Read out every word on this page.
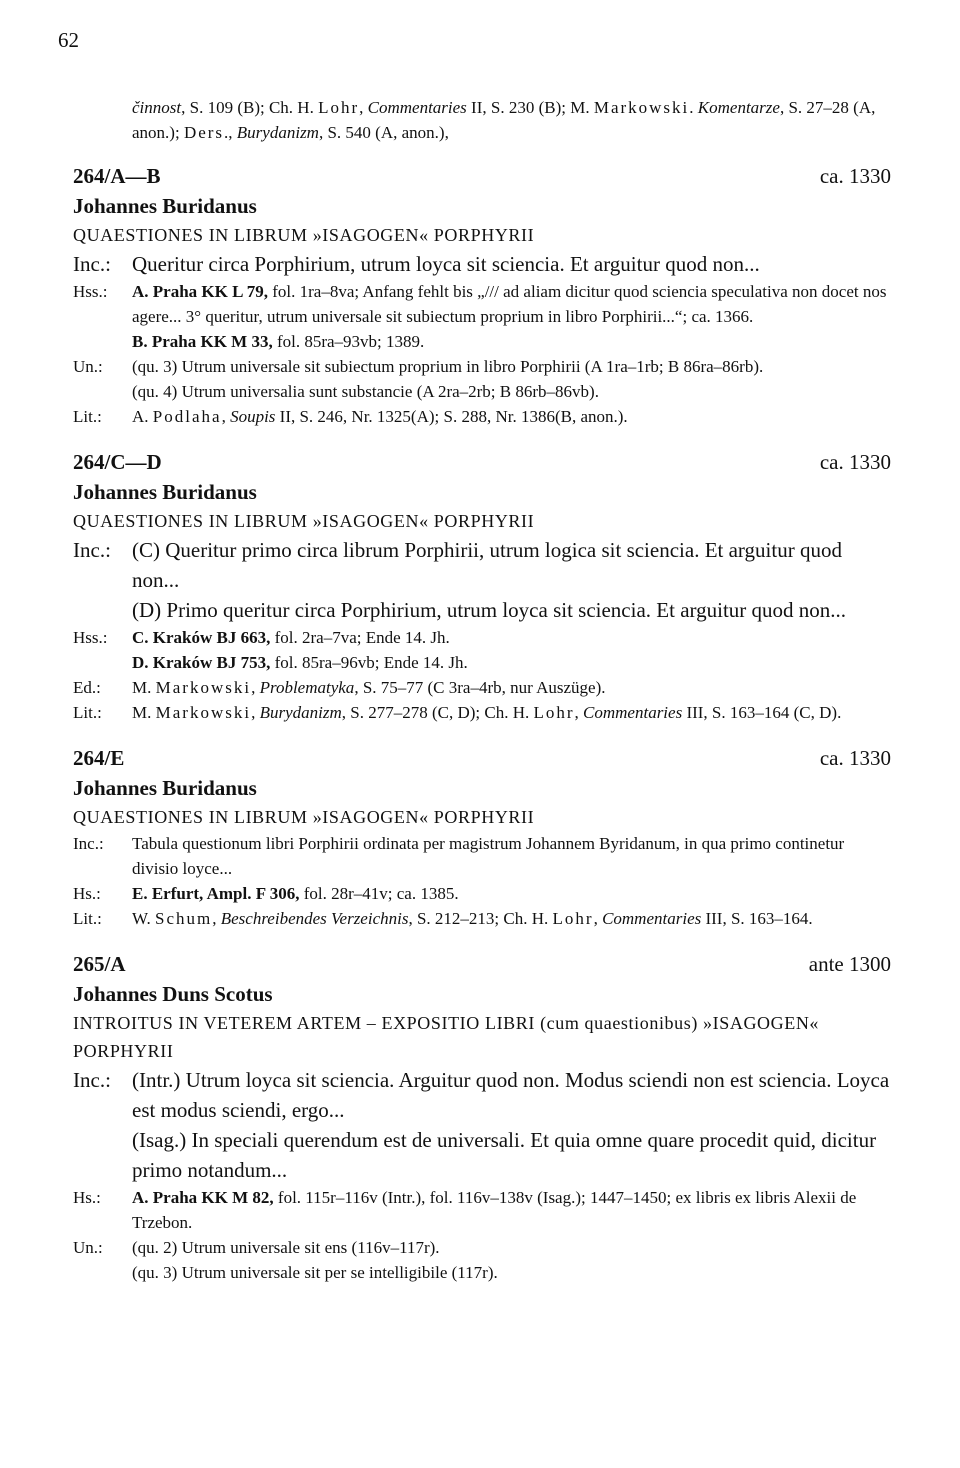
62
činnost, S. 109 (B); Ch. H. Lohr, Commentaries II, S. 230 (B); M. Markowski. Komentarze, S. 27–28 (A, anon.); Ders., Burydanizm, S. 540 (A, anon.),
264/A—B	ca. 1330
Johannes Buridanus
QUAESTIONES IN LIBRUM »ISAGOGEN« PORPHYRII
Inc.:	Queritur circa Porphirium, utrum loyca sit sciencia. Et arguitur quod non...
Hss.:	A. Praha KK L 79, fol. 1ra–8va; Anfang fehlt bis „/// ad aliam dicitur quod sciencia speculativa non docet nos agere... 3° queritur, utrum universale sit subiectum proprium in libro Porphirii...“; ca. 1366.

B. Praha KK M 33, fol. 85ra–93vb; 1389.

Un.:	(qu. 3) Utrum universale sit subiectum proprium in libro Porphirii (A 1ra–1rb; B 86ra–86rb).

(qu. 4) Utrum universalia sunt substancie (A 2ra–2rb; B 86rb–86vb).

Lit.:	A. Podlaha, Soupis II, S. 246, Nr. 1325(A); S. 288, Nr. 1386(B, anon.).
264/C—D	ca. 1330
Johannes Buridanus
QUAESTIONES IN LIBRUM »ISAGOGEN« PORPHYRII
Inc.:	(C) Queritur primo circa librum Porphirii, utrum logica sit sciencia. Et arguitur quod non...

(D) Primo queritur circa Porphirium, utrum loyca sit sciencia. Et arguitur quod non...

Hss.:	C. Kraków BJ 663, fol. 2ra–7va; Ende 14. Jh.

D. Kraków BJ 753, fol. 85ra–96vb; Ende 14. Jh.

Ed.:	M. Markowski, Problematyka, S. 75–77 (C 3ra–4rb, nur Auszüge).
Lit.:	M. Markowski, Burydanizm, S. 277–278 (C, D); Ch. H. Lohr, Commentaries III, S. 163–164 (C, D).
264/E	ca. 1330
Johannes Buridanus
QUAESTIONES IN LIBRUM »ISAGOGEN« PORPHYRII
Inc.:	Tabula questionum libri Porphirii ordinata per magistrum Johannem Byridanum, in qua primo continetur divisio loyce...
Hs.:	E. Erfurt, Ampl. F 306, fol. 28r–41v; ca. 1385.
Lit.:	W. Schum, Beschreibendes Verzeichnis, S. 212–213; Ch. H. Lohr, Commentaries III, S. 163–164.
265/A	ante 1300
Johannes Duns Scotus
INTROITUS IN VETEREM ARTEM – EXPOSITIO LIBRI (cum quaestionibus) »ISAGOGEN« PORPHYRII
Inc.:	(Intr.) Utrum loyca sit sciencia. Arguitur quod non. Modus sciendi non est sciencia. Loyca est modus sciendi, ergo...

(Isag.) In speciali querendum est de universali. Et quia omne quare procedit quid, dicitur primo notandum...

Hs.:	A. Praha KK M 82, fol. 115r–116v (Intr.), fol. 116v–138v (Isag.); 1447–1450; ex libris ex libris Alexii de Trzebon.
Un.:	(qu. 2) Utrum universale sit ens (116v–117r).

(qu. 3) Utrum universale sit per se intelligibile (117r).
